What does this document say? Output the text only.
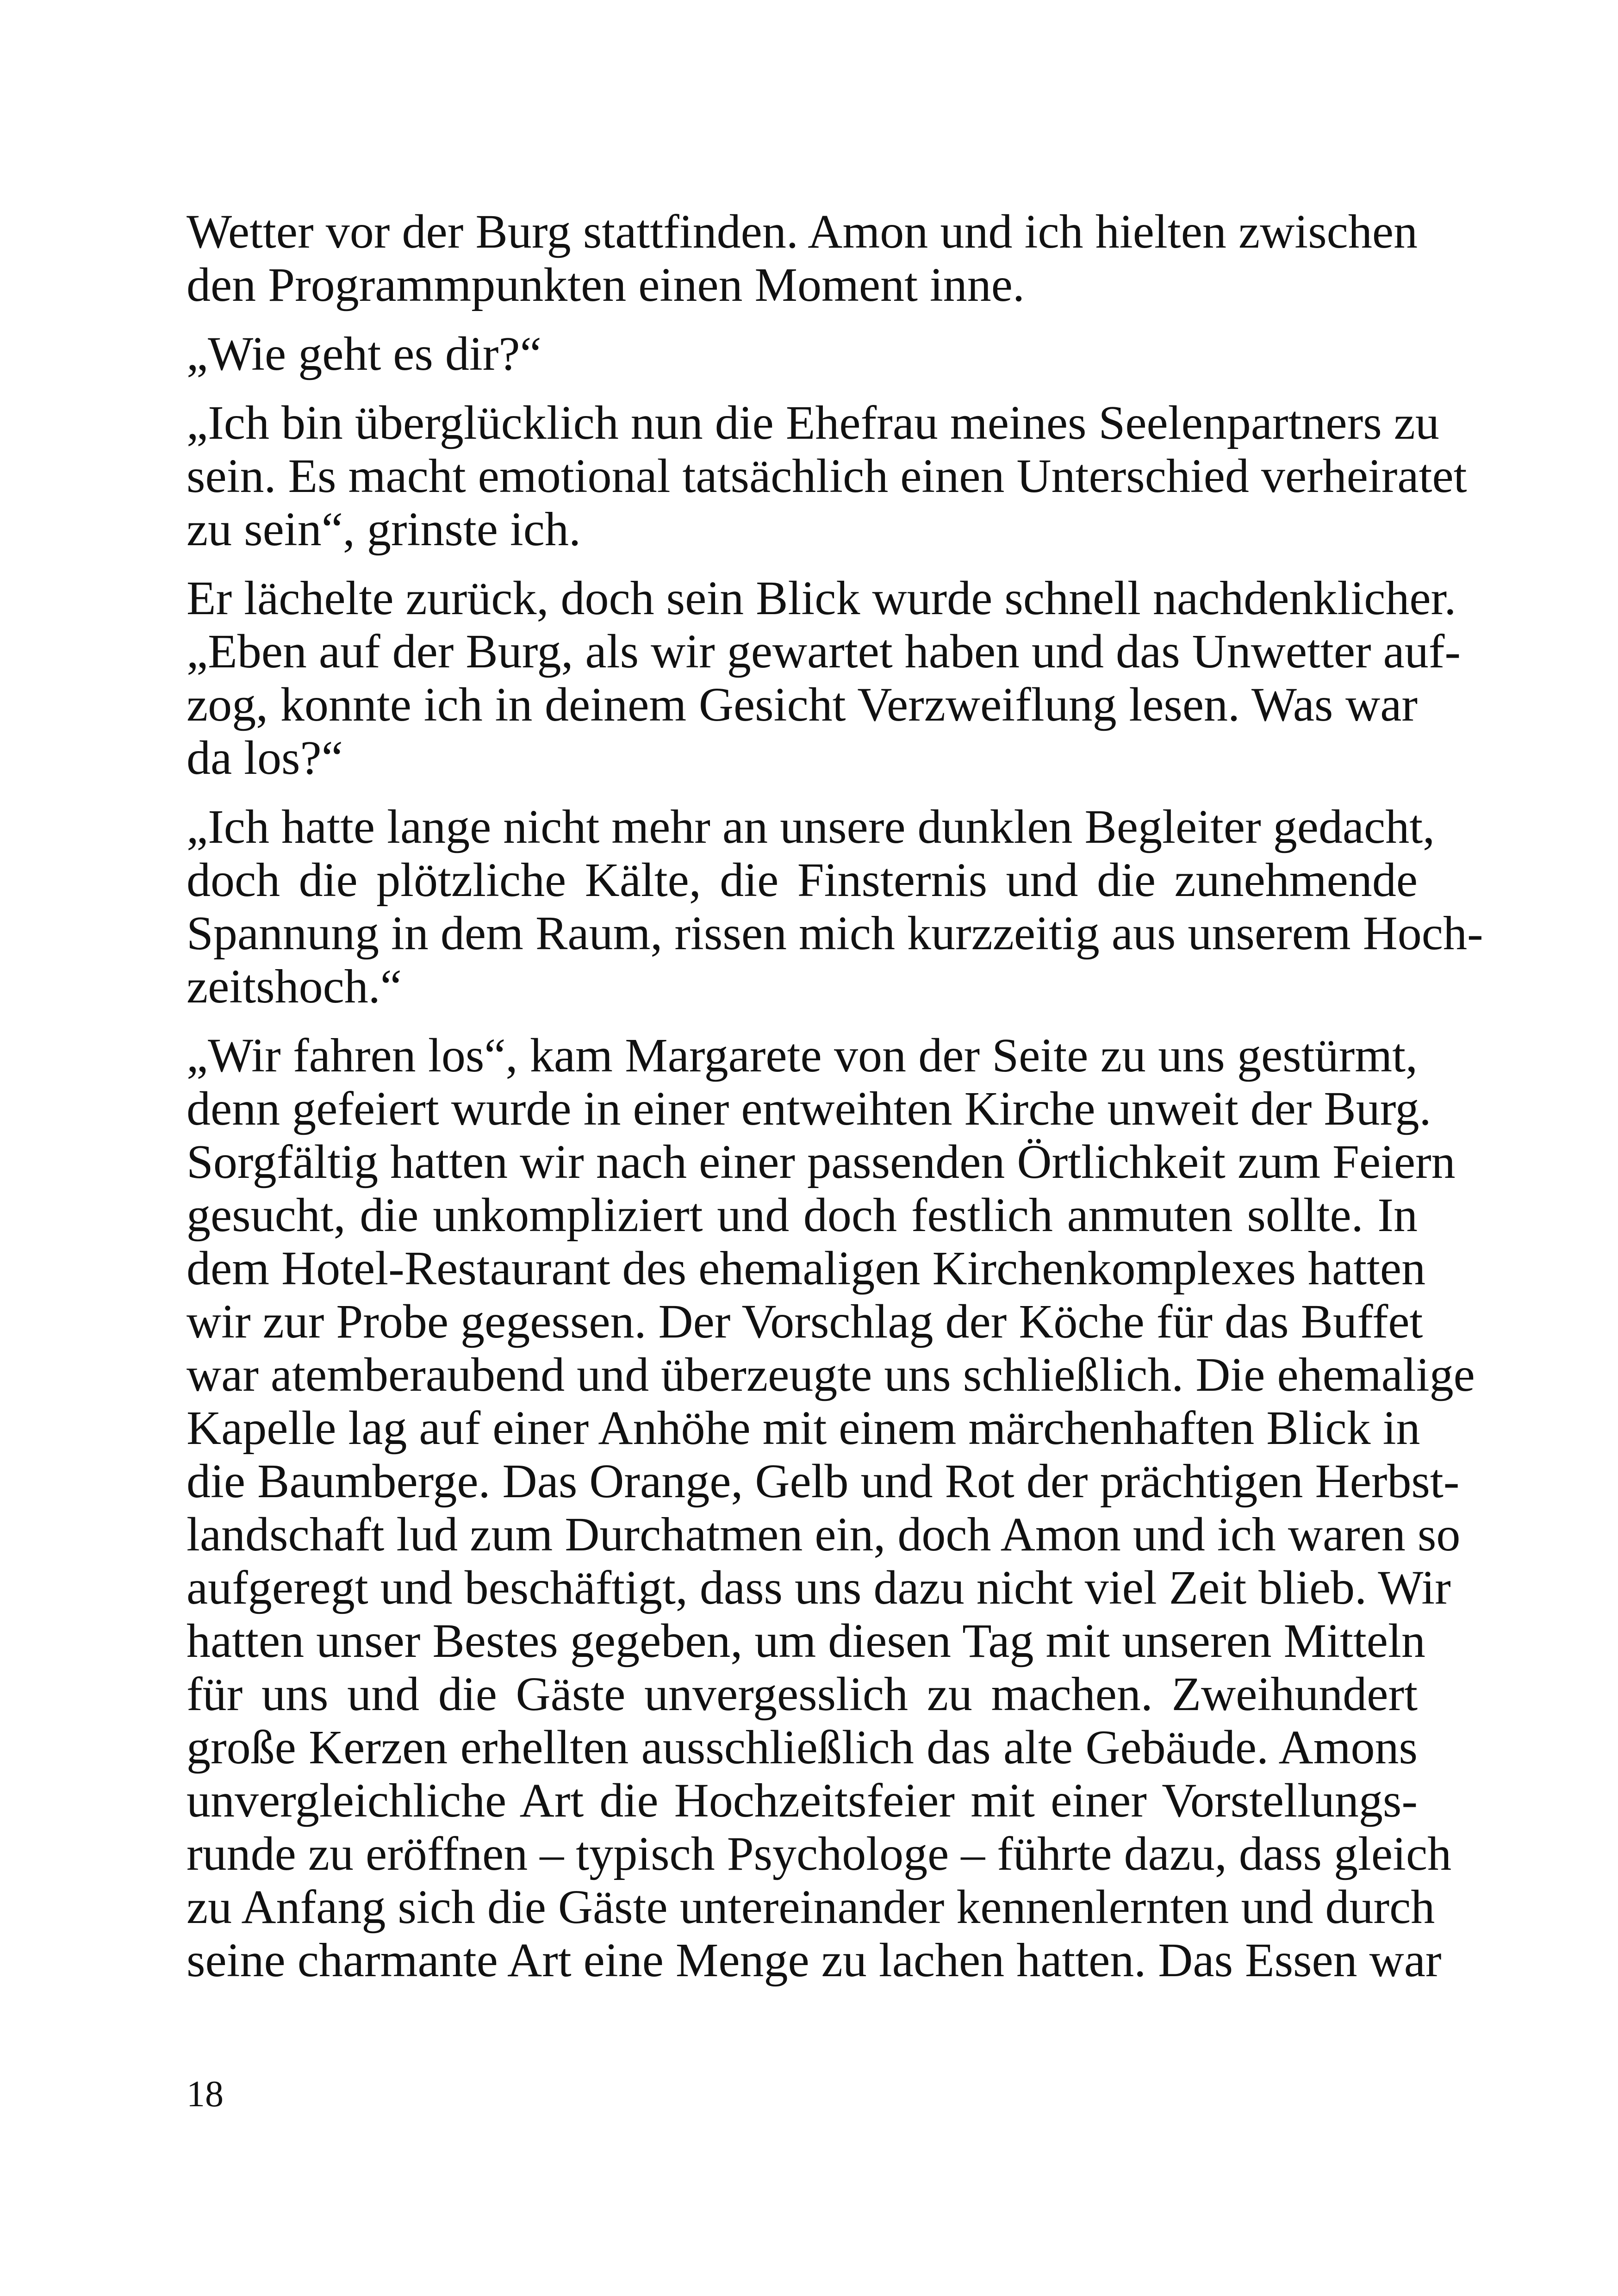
Wetter vor der Burg stattfinden. Amon und ich hielten zwischen
den Programmpunkten einen Moment inne.

„Wie geht es dir?“

„Ich bin überglücklich nun die Ehefrau meines Seelenpartners zu
sein. Es macht emotional tatsächlich einen Unterschied verheiratet
zu sein“, grinste ich.

Er lächelte zurück, doch sein Blick wurde schnell nachdenklicher.
„Eben auf der Burg, als wir gewartet haben und das Unwetter auf-
zog, konnte ich in deinem Gesicht Verzweiflung lesen. Was war
da los?“

„Ich hatte lange nicht mehr an unsere dunklen Begleiter gedacht,
doch die plötzliche Kälte, die Finsternis und die zunehmende
Spannung in dem Raum, rissen mich kurzzeitig aus unserem Hoch-
zeitshoch.“

„Wir fahren los“, kam Margarete von der Seite zu uns gestürmt,
denn gefeiert wurde in einer entweihten Kirche unweit der Burg.
Sorgfältig hatten wir nach einer passenden Örtlichkeit zum Feiern
gesucht, die unkompliziert und doch festlich anmuten sollte. In
dem Hotel-Restaurant des ehemaligen Kirchenkomplexes hatten
wir zur Probe gegessen. Der Vorschlag der Köche für das Buffet
war atemberaubend und überzeugte uns schließlich. Die ehemalige
Kapelle lag auf einer Anhöhe mit einem märchenhaften Blick in
die Baumberge. Das Orange, Gelb und Rot der prächtigen Herbst-
landschaft lud zum Durchatmen ein, doch Amon und ich waren so
aufgeregt und beschäftigt, dass uns dazu nicht viel Zeit blieb. Wir
hatten unser Bestes gegeben, um diesen Tag mit unseren Mitteln
für uns und die Gäste unvergesslich zu machen. Zweihundert
große Kerzen erhellten ausschließlich das alte Gebäude. Amons
unvergleichliche Art die Hochzeitsfeier mit einer Vorstellungs-
runde zu eröffnen – typisch Psychologe – führte dazu, dass gleich
zu Anfang sich die Gäste untereinander kennenlernten und durch
seine charmante Art eine Menge zu lachen hatten. Das Essen war

18
